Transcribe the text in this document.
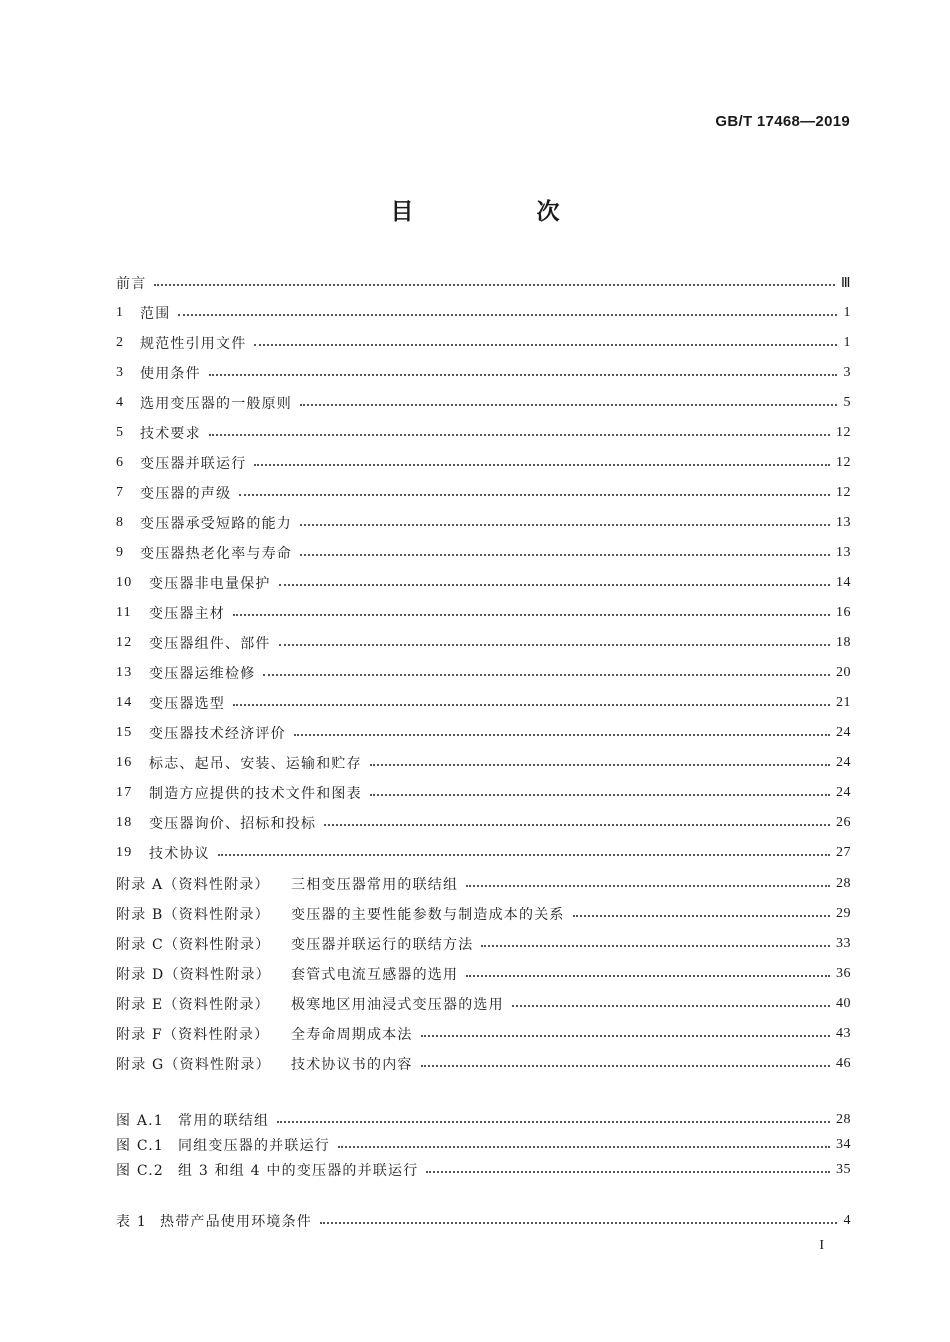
GB/T 17468—2019
目　次
前言	Ⅲ
1	范围	1
2	规范性引用文件	1
3	使用条件	3
4	选用变压器的一般原则	5
5	技术要求	12
6	变压器并联运行	12
7	变压器的声级	12
8	变压器承受短路的能力	13
9	变压器热老化率与寿命	13
10	变压器非电量保护	14
11	变压器主材	16
12	变压器组件、部件	18
13	变压器运维检修	20
14	变压器选型	21
15	变压器技术经济评价	24
16	标志、起吊、安装、运输和贮存	24
17	制造方应提供的技术文件和图表	24
18	变压器询价、招标和投标	26
19	技术协议	27
附录 A（资料性附录）	三相变压器常用的联结组	28
附录 B（资料性附录）	变压器的主要性能参数与制造成本的关系	29
附录 C（资料性附录）	变压器并联运行的联结方法	33
附录 D（资料性附录）	套管式电流互感器的选用	36
附录 E（资料性附录）	极寒地区用油浸式变压器的选用	40
附录 F（资料性附录）	全寿命周期成本法	43
附录 G（资料性附录）	技术协议书的内容	46
图 A.1	常用的联结组	28
图 C.1 同组变压器的并联运行	34
图 C.2 组 3 和组 4 中的变压器的并联运行	35
表 1 热带产品使用环境条件	4
I
